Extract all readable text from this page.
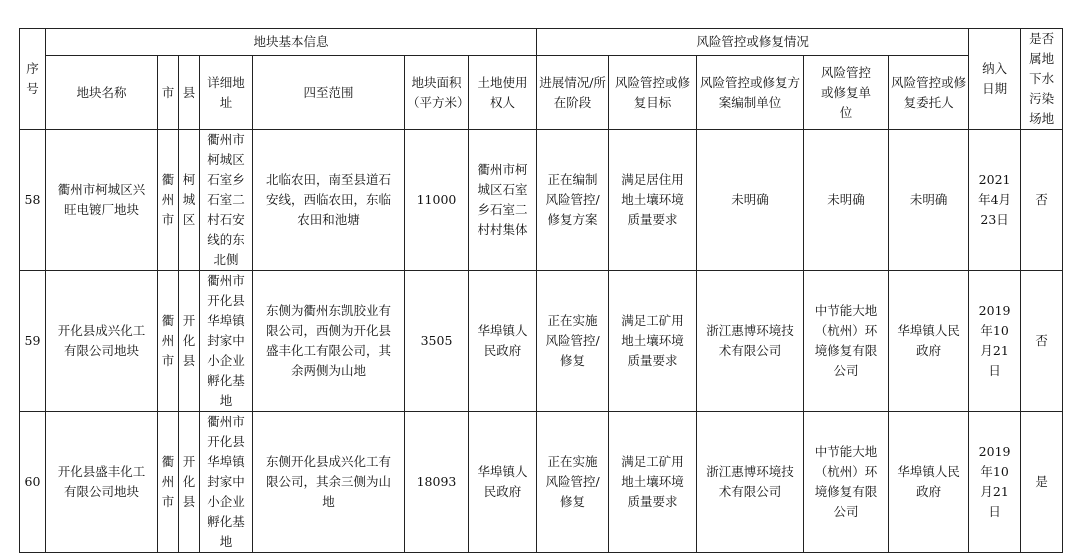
序号	地块基本信息							风险管控或修复情况					纳入日期	是否属地下水污染场地
	地块名称	市	县	详细地址	四至范围	地块面积（平方米）	土地使用权人	进展情况/所在阶段	风险管控或修复目标	风险管控或修复方案编制单位	风险管控或修复单位	风险管控或修复委托人		
58	衢州市柯城区兴旺电镀厂地块	衢州市	柯城区	衢州市柯城区石室乡石室二村石安线的东北侧	北临农田，南至县道石安线，西临农田，东临农田和池塘	11000	衢州市柯城区石室乡石室二村村集体	正在编制风险管控/修复方案	满足居住用地土壤环境质量要求	未明确	未明确	未明确	2021年4月23日	否
59	开化县成兴化工有限公司地块	衢州市	开化县	衢州市开化县华埠镇封家中小企业孵化基地	东侧为衢州东凯胶业有限公司，西侧为开化县盛丰化工有限公司，其余两侧为山地	3505	华埠镇人民政府	正在实施风险管控/修复	满足工矿用地土壤环境质量要求	浙江惠博环境技术有限公司	中节能大地（杭州）环境修复有限公司	华埠镇人民政府	2019年10月21日	否
60	开化县盛丰化工有限公司地块	衢州市	开化县	衢州市开化县华埠镇封家中小企业孵化基地	东侧开化县成兴化工有限公司，其余三侧为山地	18093	华埠镇人民政府	正在实施风险管控/修复	满足工矿用地土壤环境质量要求	浙江惠博环境技术有限公司	中节能大地（杭州）环境修复有限公司	华埠镇人民政府	2019年10月21日	是
